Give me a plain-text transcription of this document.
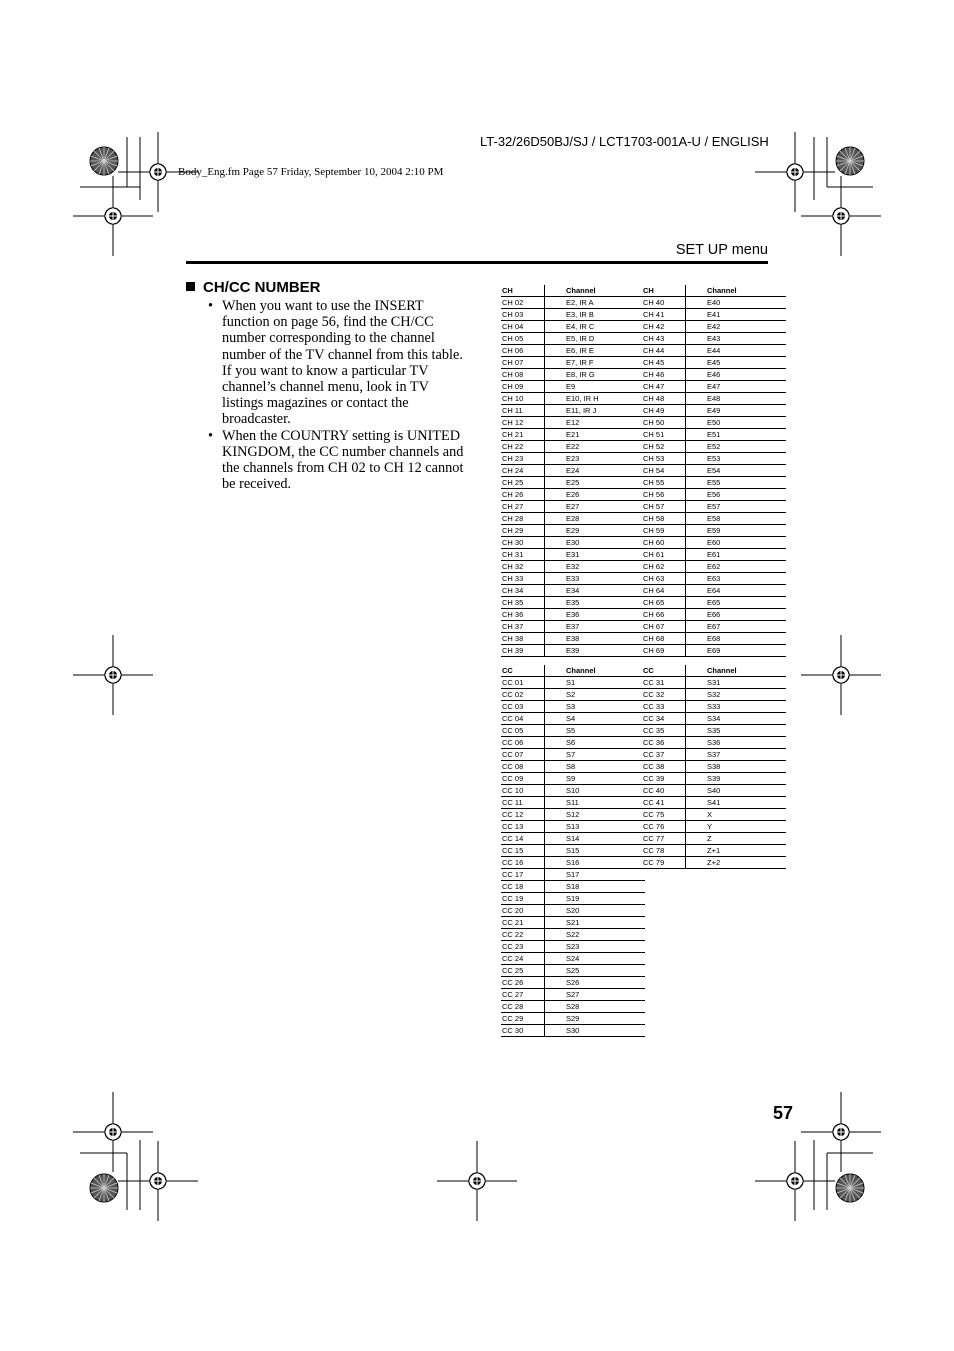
LT-32/26D50BJ/SJ / LCT1703-001A-U / ENGLISH
Body_Eng.fm Page 57 Friday, September 10, 2004 2:10 PM
SET UP menu
CH/CC NUMBER
• When you want to use the INSERT function on page 56, find the CH/CC number corresponding to the channel number of the TV channel from this table. If you want to know a particular TV channel’s channel menu, look in TV listings magazines or contact the broadcaster.
• When the COUNTRY setting is UNITED KINGDOM, the CC number channels and the channels from CH 02 to CH 12 cannot be received.
CH	Channel
CH 02	E2, IR A
CH 03	E3, IR B
CH 04	E4, IR C
CH 05	E5, IR D
CH 06	E6, IR E
CH 07	E7, IR F
CH 08	E8, IR G
CH 09	E9
CH 10	E10, IR H
CH 11	E11, IR J
CH 12	E12
CH 21	E21
CH 22	E22
CH 23	E23
CH 24	E24
CH 25	E25
CH 26	E26
CH 27	E27
CH 28	E28
CH 29	E29
CH 30	E30
CH 31	E31
CH 32	E32
CH 33	E33
CH 34	E34
CH 35	E35
CH 36	E36
CH 37	E37
CH 38	E38
CH 39	E39
CH	Channel
CH 40	E40
CH 41	E41
CH 42	E42
CH 43	E43
CH 44	E44
CH 45	E45
CH 46	E46
CH 47	E47
CH 48	E48
CH 49	E49
CH 50	E50
CH 51	E51
CH 52	E52
CH 53	E53
CH 54	E54
CH 55	E55
CH 56	E56
CH 57	E57
CH 58	E58
CH 59	E59
CH 60	E60
CH 61	E61
CH 62	E62
CH 63	E63
CH 64	E64
CH 65	E65
CH 66	E66
CH 67	E67
CH 68	E68
CH 69	E69
CC	Channel
CC 01	S1
CC 02	S2
CC 03	S3
CC 04	S4
CC 05	S5
CC 06	S6
CC 07	S7
CC 08	S8
CC 09	S9
CC 10	S10
CC 11	S11
CC 12	S12
CC 13	S13
CC 14	S14
CC 15	S15
CC 16	S16
CC 17	S17
CC 18	S18
CC 19	S19
CC 20	S20
CC 21	S21
CC 22	S22
CC 23	S23
CC 24	S24
CC 25	S25
CC 26	S26
CC 27	S27
CC 28	S28
CC 29	S29
CC 30	S30
CC	Channel
CC 31	S31
CC 32	S32
CC 33	S33
CC 34	S34
CC 35	S35
CC 36	S36
CC 37	S37
CC 38	S38
CC 39	S39
CC 40	S40
CC 41	S41
CC 75	X
CC 76	Y
CC 77	Z
CC 78	Z+1
CC 79	Z+2
57
